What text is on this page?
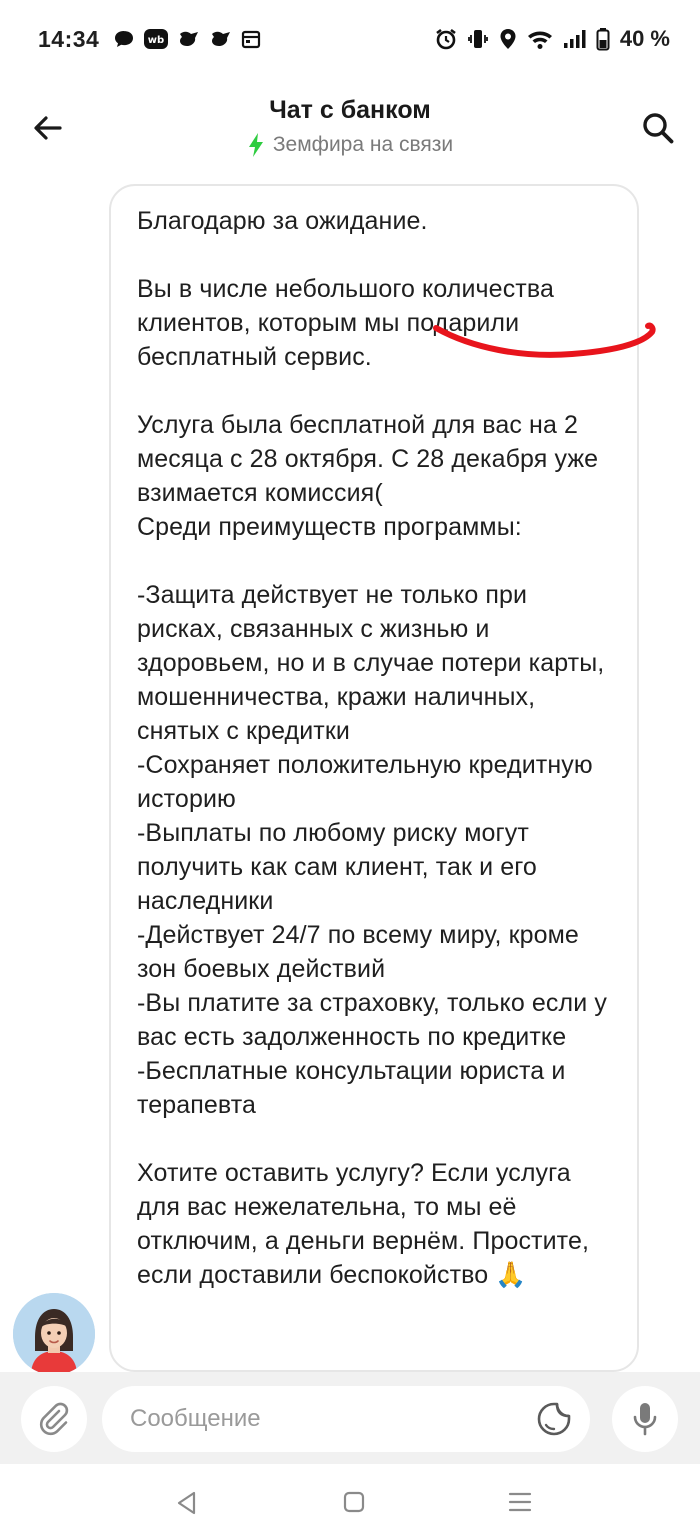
14:34	wb	40 %
Чат с банком
Земфира на связи
Благодарю за ожидание.

Вы в числе небольшого количества клиентов, которым мы подарили бесплатный сервис.

Услуга была бесплатной для вас на 2 месяца с 28 октября. С 28 декабря уже взимается комиссия(
Среди преимуществ программы:

-Защита действует не только при рисках, связанных с жизнью и здоровьем, но и в случае потери карты, мошенничества, кражи наличных, снятых с кредитки
-Сохраняет положительную кредитную историю
-Выплаты по любому риску могут получить как сам клиент, так и его наследники
-Действует 24/7 по всему миру, кроме зон боевых действий
-Вы платите за страховку, только если у вас есть задолженность по кредитке
-Бесплатные консультации юриста и терапевта

Хотите оставить услугу? Если услуга для вас нежелательна, то мы её отключим, а деньги вернём. Простите, если доставили беспокойство 🙏
Сообщение
